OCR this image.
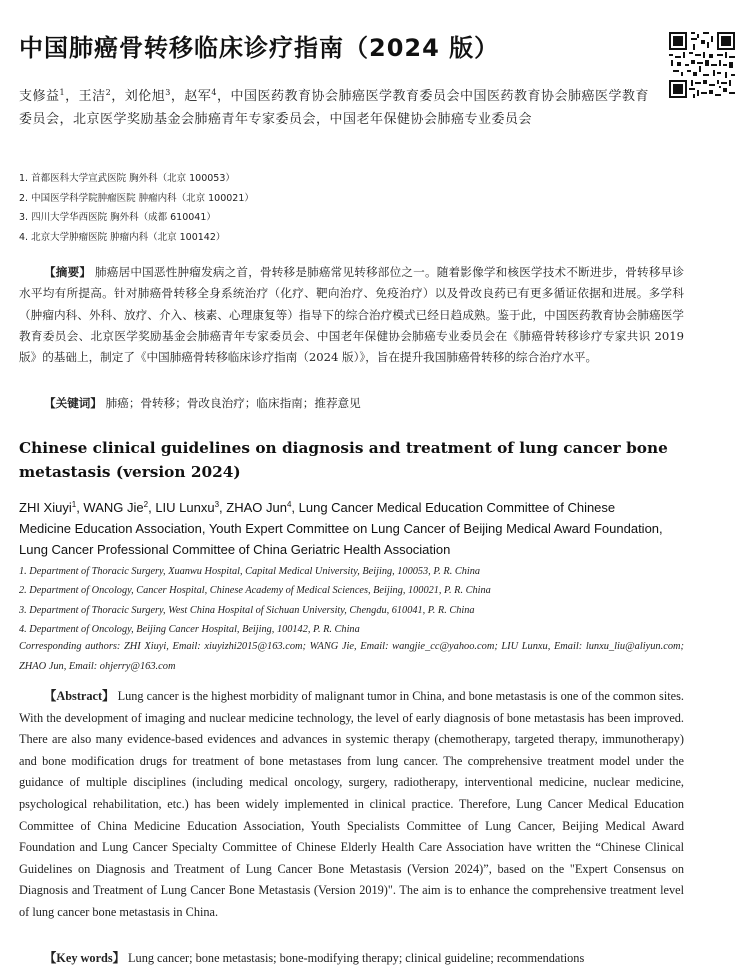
中国肺癌骨转移临床诊疗指南（2024 版）
支修益$^1$，王洁$^2$，刘伦旭$^3$，赵军$^4$，中国医药教育协会肺癌医学教育委员会中国医药教育协会肺癌医学教育委员会，北京医学奖励基金会肺癌青年专家委员会，中国老年保健协会肺癌专业委员会
1. 首都医科大学宣武医院 胸外科（北京 100053）
2. 中国医学科学院肿瘤医院 肿瘤内科（北京 100021）
3. 四川大学华西医院 胸外科（成都 610041）
4. 北京大学肿瘤医院 肿瘤内科（北京 100142）

【摘要】 肺癌居中国恶性肿瘤发病之首，骨转移是肺癌常见转移部位之一。随着影像学和核医学技术不断进步，骨转移早诊水平均有所提高。针对肺癌骨转移全身系统治疗（化疗、靶向治疗、免疫治疗）以及骨改良药已有更多循证依据和进展。多学科（肿瘤内科、外科、放疗、介入、核素、心理康复等）指导下的综合治疗模式已经日趋成熟。鉴于此，中国医药教育协会肺癌医学教育委员会、北京医学奖励基金会肺癌青年专家委员会、中国老年保健协会肺癌专业委员会在《肺癌骨转移诊疗专家共识 2019 版》的基础上，制定了《中国肺癌骨转移临床诊疗指南（2024 版）》，旨在提升我国肺癌骨转移的综合治疗水平。

【关键词】 肺癌；骨转移；骨改良治疗；临床指南；推荐意见

Chinese clinical guidelines on diagnosis and treatment of lung cancer bone metastasis (version 2024)
ZHI Xiuyi$^1$, WANG Jie$^2$, LIU Lunxu$^3$, ZHAO Jun$^4$, Lung Cancer Medical Education Committee of Chinese Medicine Education Association, Youth Expert Committee on Lung Cancer of Beijing Medical Award Foundation, Lung Cancer Professional Committee of China Geriatric Health Association
1. Department of Thoracic Surgery, Xuanwu Hospital, Capital Medical University, Beijing, 100053, P. R. China
2. Department of Oncology, Cancer Hospital, Chinese Academy of Medical Sciences, Beijing, 100021, P. R. China
3. Department of Thoracic Surgery, West China Hospital of Sichuan University, Chengdu, 610041, P. R. China
4. Department of Oncology, Beijing Cancer Hospital, Beijing, 100142, P. R. China

Corresponding authors: ZHI Xiuyi, Email: xiuyizhi2015@163.com; WANG Jie, Email: wangjie_cc@yahoo.com; LIU Lunxu, Email: lunxu_liu@aliyun.com; ZHAO Jun, Email: ohjerry@163.com

【Abstract】 Lung cancer is the highest morbidity of malignant tumor in China, and bone metastasis is one of the common sites. With the development of imaging and nuclear medicine technology, the level of early diagnosis of bone metastasis has been improved. There are also many evidence-based evidences and advances in systemic therapy (chemotherapy, targeted therapy, immunotherapy) and bone modification drugs for treatment of bone metastases from lung cancer. The comprehensive treatment model under the guidance of multiple disciplines (including medical oncology, surgery, radiotherapy, interventional medicine, nuclear medicine, psychological rehabilitation, etc.) has been widely implemented in clinical practice. Therefore, Lung Cancer Medical Education Committee of China Medicine Education Association, Youth Specialists Committee of Lung Cancer, Beijing Medical Award Foundation and Lung Cancer Specialty Committee of Chinese Elderly Health Care Association have written the “Chinese Clinical Guidelines on Diagnosis and Treatment of Lung Cancer Bone Metastasis (Version 2024)”, based on the "Expert Consensus on Diagnosis and Treatment of Lung Cancer Bone Metastasis (Version 2019)". The aim is to enhance the comprehensive treatment level of lung cancer bone metastasis in China.

【Key words】 Lung cancer; bone metastasis; bone-modifying therapy; clinical guideline; recommendations
